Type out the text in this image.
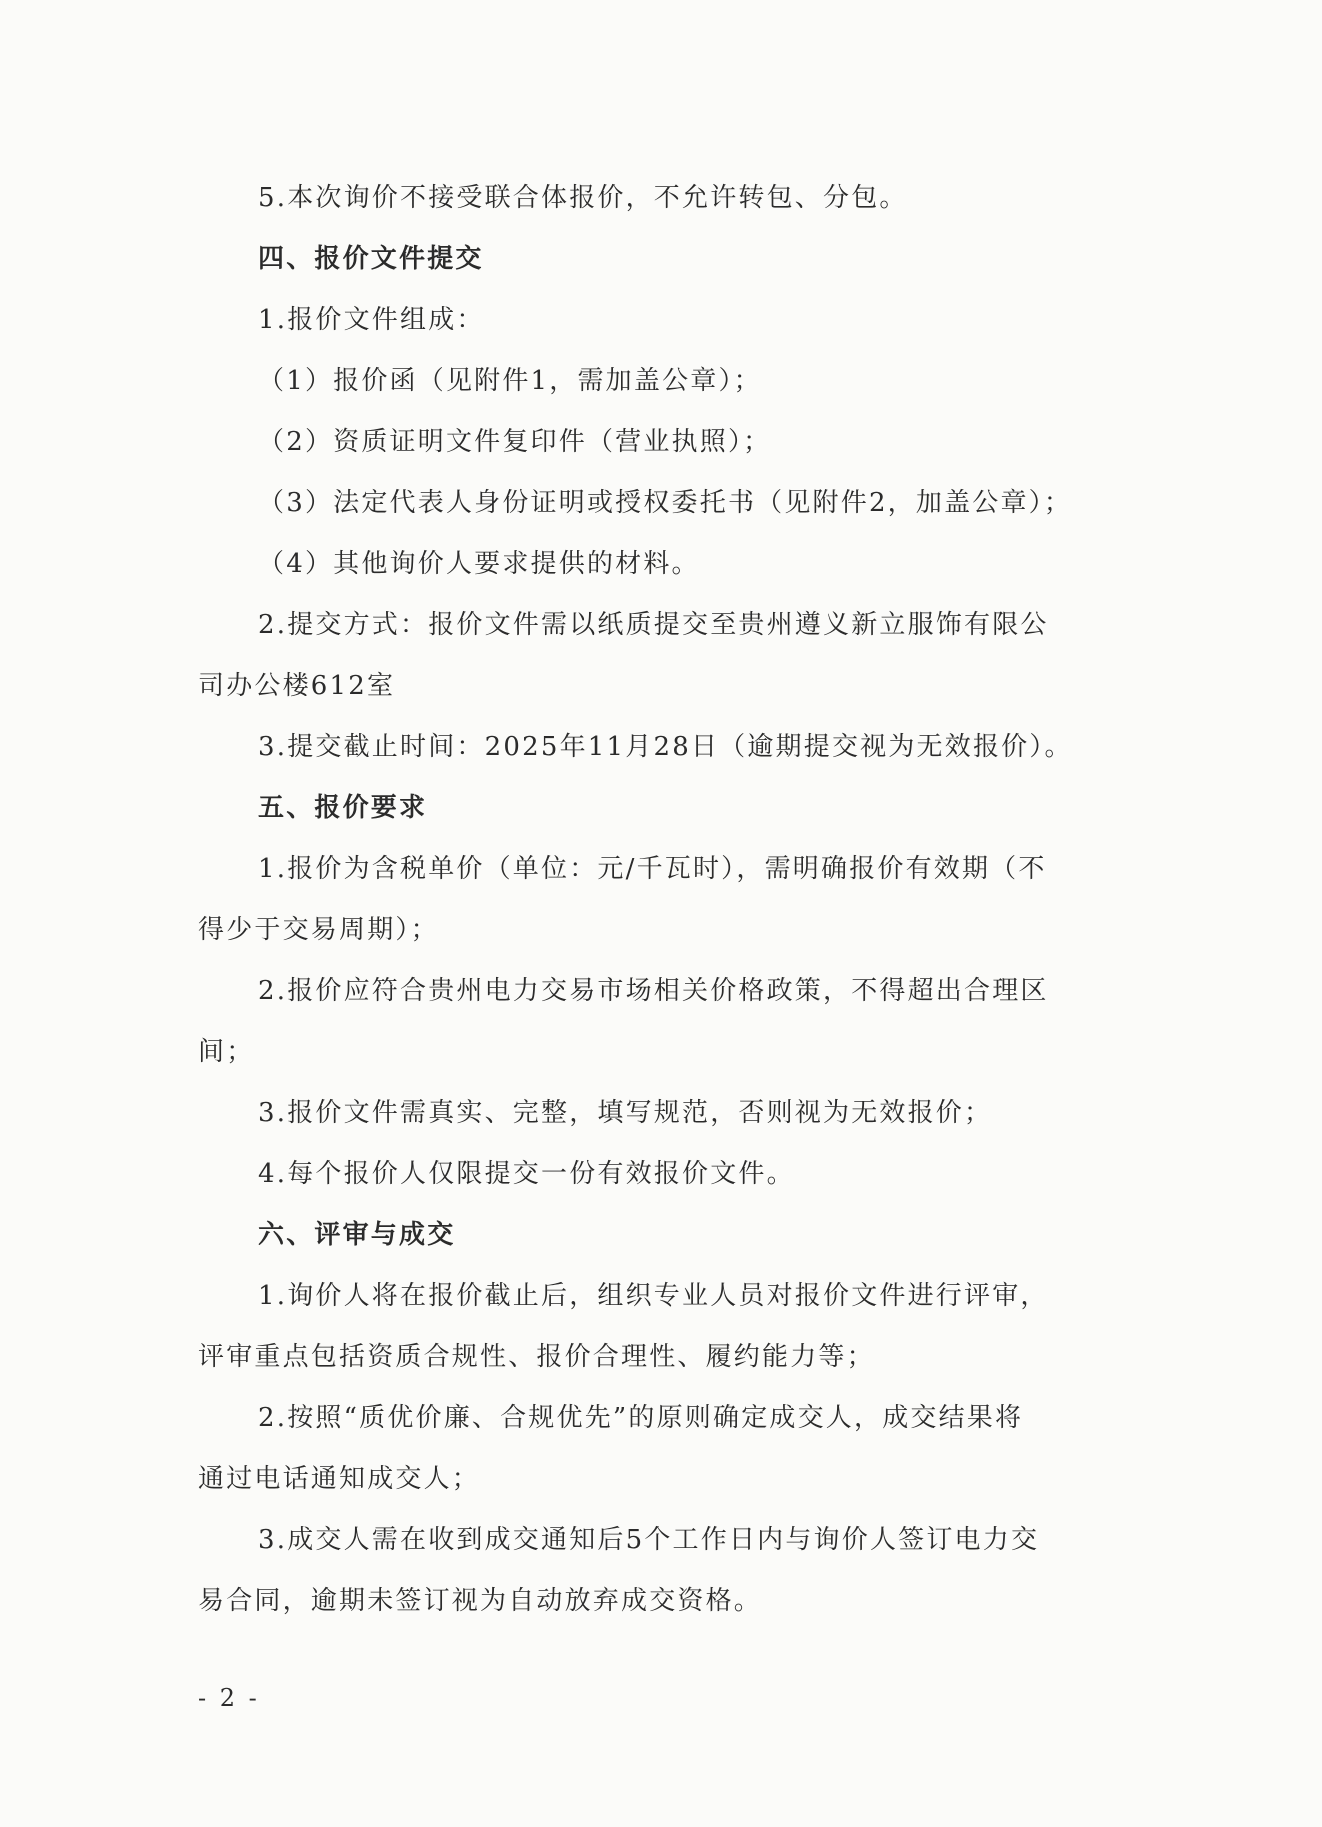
5.本次询价不接受联合体报价，不允许转包、分包。
四、报价文件提交
1.报价文件组成：
（1）报价函（见附件1，需加盖公章）；
（2）资质证明文件复印件（营业执照）；
（3）法定代表人身份证明或授权委托书（见附件2，加盖公章）；
（4）其他询价人要求提供的材料。
2.提交方式：报价文件需以纸质提交至贵州遵义新立服饰有限公
司办公楼612室
3.提交截止时间：2025年11月28日（逾期提交视为无效报价）。
五、报价要求
1.报价为含税单价（单位：元/千瓦时），需明确报价有效期（不
得少于交易周期）；
2.报价应符合贵州电力交易市场相关价格政策，不得超出合理区
间；
3.报价文件需真实、完整，填写规范，否则视为无效报价；
4.每个报价人仅限提交一份有效报价文件。
六、评审与成交
1.询价人将在报价截止后，组织专业人员对报价文件进行评审，
评审重点包括资质合规性、报价合理性、履约能力等；
2.按照“质优价廉、合规优先”的原则确定成交人，成交结果将
通过电话通知成交人；
3.成交人需在收到成交通知后5个工作日内与询价人签订电力交
易合同，逾期未签订视为自动放弃成交资格。
- 2 -
